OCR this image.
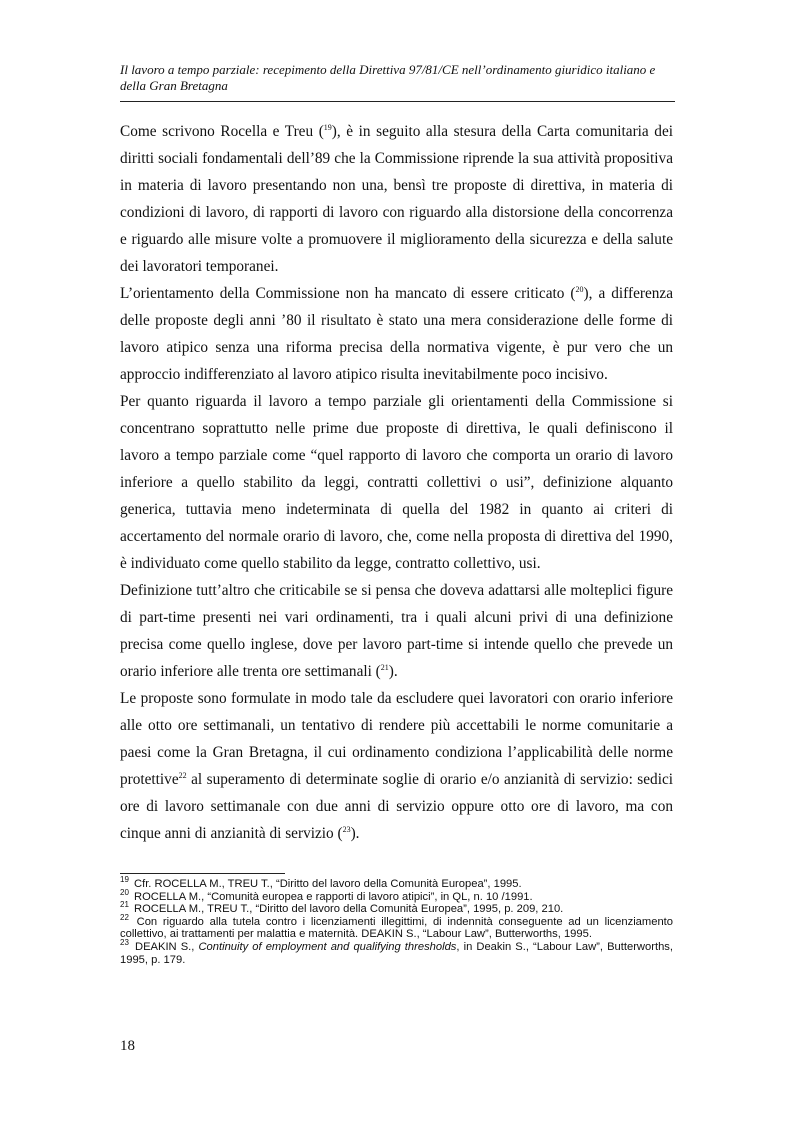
Il lavoro a tempo parziale: recepimento della Direttiva 97/81/CE nell’ordinamento giuridico italiano e
della Gran Bretagna

Come scrivono Rocella e Treu ($^{19}$), è in seguito alla stesura della Carta comunitaria dei diritti sociali fondamentali dell’89 che la Commissione riprende la sua attività propositiva in materia di lavoro presentando non una, bensì tre proposte di direttiva, in materia di condizioni di lavoro, di rapporti di lavoro con riguardo alla distorsione della concorrenza e riguardo alle misure volte a promuovere il miglioramento della sicurezza e della salute dei lavoratori temporanei.

L’orientamento della Commissione non ha mancato di essere criticato ($^{20}$), a differenza delle proposte degli anni ’80 il risultato è stato una mera considerazione delle forme di lavoro atipico senza una riforma precisa della normativa vigente, è pur vero che un approccio indifferenziato al lavoro atipico risulta inevitabilmente poco incisivo.

Per quanto riguarda il lavoro a tempo parziale gli orientamenti della Commissione si concentrano soprattutto nelle prime due proposte di direttiva, le quali definiscono il lavoro a tempo parziale come “quel rapporto di lavoro che comporta un orario di lavoro inferiore a quello stabilito da leggi, contratti collettivi o usi”, definizione alquanto generica, tuttavia meno indeterminata di quella del 1982 in quanto ai criteri di accertamento del normale orario di lavoro, che, come nella proposta di direttiva del 1990, è individuato come quello stabilito da legge, contratto collettivo, usi.

Definizione tutt’altro che criticabile se si pensa che doveva adattarsi alle molteplici figure di part-time presenti nei vari ordinamenti, tra i quali alcuni privi di una definizione precisa come quello inglese, dove per lavoro part-time si intende quello che prevede un orario inferiore alle trenta ore settimanali ($^{21}$).

Le proposte sono formulate in modo tale da escludere quei lavoratori con orario inferiore alle otto ore settimanali, un tentativo di rendere più accettabili le norme comunitarie a paesi come la Gran Bretagna, il cui ordinamento condiziona l’applicabilità delle norme protettive$^{22}$ al superamento di determinate soglie di orario e/o anzianità di servizio: sedici ore di lavoro settimanale con due anni di servizio oppure otto ore di lavoro, ma con cinque anni di anzianità di servizio ($^{23}$).

$^{19}$ Cfr. ROCELLA M., TREU T., “Diritto del lavoro della Comunità Europea”, 1995.

$^{20}$ ROCELLA M., “Comunità europea e rapporti di lavoro atipici”, in QL, n. 10 /1991.

$^{21}$ ROCELLA M., TREU T., “Diritto del lavoro della Comunità Europea”, 1995, p. 209, 210.

$^{22}$ Con riguardo alla tutela contro i licenziamenti illegittimi, di indennità conseguente ad un licenziamento collettivo, ai trattamenti per malattia e maternità. DEAKIN S., “Labour Law”, Butterworths, 1995.

$^{23}$ DEAKIN S., Continuity of employment and qualifying thresholds, in Deakin S., “Labour Law”, Butterworths, 1995, p. 179.

18
